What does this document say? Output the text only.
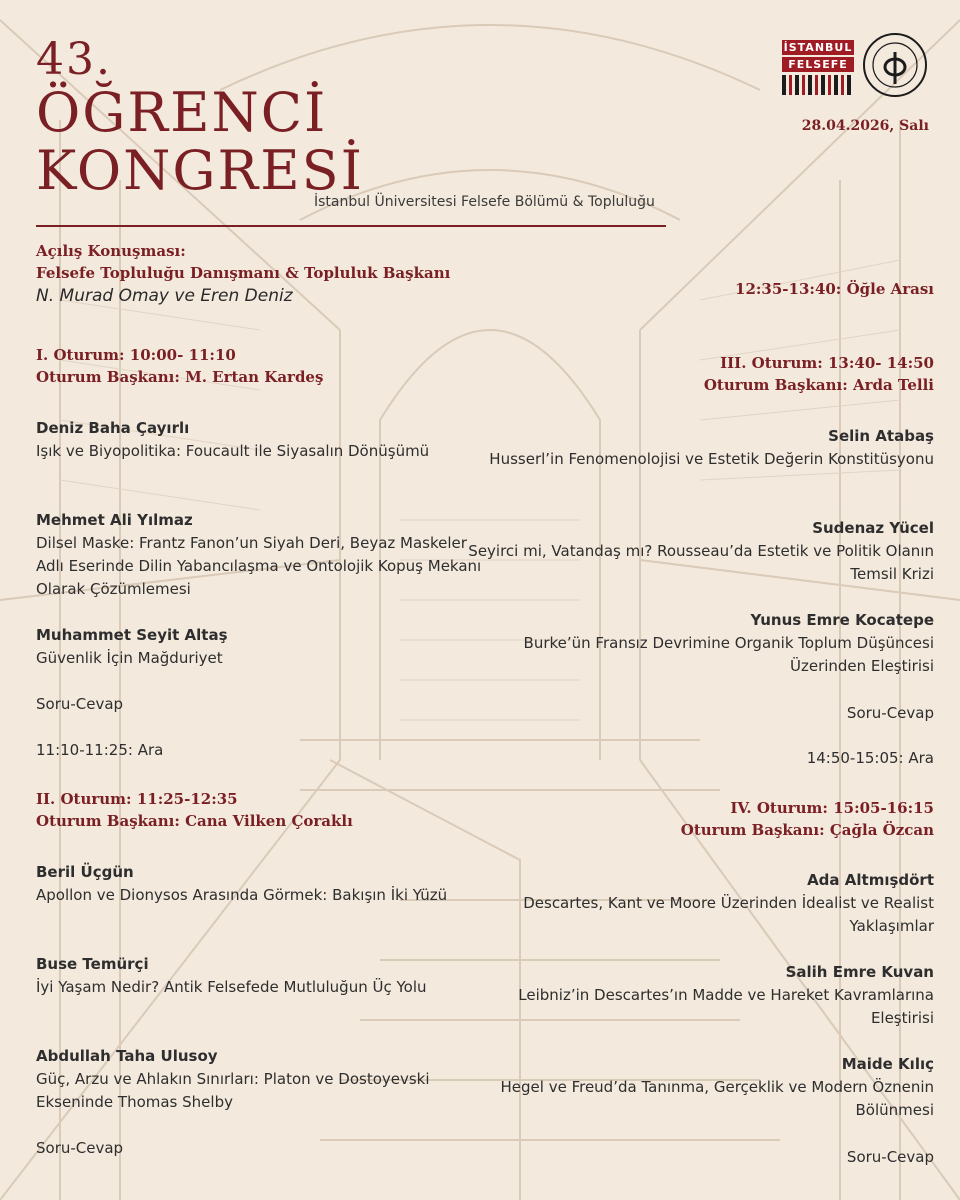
43.
ÖĞRENCİ
KONGRESİ
İstanbul Üniversitesi Felsefe Bölümü & Topluluğu
İSTANBUL
FELSEFE
28.04.2026, Salı
Açılış Konuşması:
Felsefe Topluluğu Danışmanı & Topluluk Başkanı
N. Murad Omay ve Eren Deniz
I. Oturum: 10:00- 11:10
Oturum Başkanı: M. Ertan Kardeş
Deniz Baha Çayırlı
Işık ve Biyopolitika: Foucault ile Siyasalın Dönüşümü
Mehmet Ali Yılmaz
Dilsel Maske: Frantz Fanon’un Siyah Deri, Beyaz Maskeler Adlı Eserinde Dilin Yabancılaşma ve Ontolojik Kopuş Mekanı Olarak Çözümlemesi
Muhammet Seyit Altaş
Güvenlik İçin Mağduriyet
Soru-Cevap
11:10-11:25: Ara
II. Oturum: 11:25-12:35
Oturum Başkanı: Cana Vilken Çoraklı
Beril Üçgün
Apollon ve Dionysos Arasında Görmek: Bakışın İki Yüzü
Buse Temürçi
İyi Yaşam Nedir? Antik Felsefede Mutluluğun Üç Yolu
Abdullah Taha Ulusoy
Güç, Arzu ve Ahlakın Sınırları: Platon ve Dostoyevski Ekseninde Thomas Shelby
Soru-Cevap
12:35-13:40: Öğle Arası
III. Oturum: 13:40- 14:50
Oturum Başkanı: Arda Telli
Selin Atabaş
Husserl’in Fenomenolojisi ve Estetik Değerin Konstitüsyonu
Sudenaz Yücel
Seyirci mi, Vatandaş mı? Rousseau’da Estetik ve Politik Olanın Temsil Krizi
Yunus Emre Kocatepe
Burke’ün Fransız Devrimine Organik Toplum Düşüncesi Üzerinden Eleştirisi
Soru-Cevap
14:50-15:05: Ara
IV. Oturum: 15:05-16:15
Oturum Başkanı: Çağla Özcan
Ada Altmışdört
Descartes, Kant ve Moore Üzerinden İdealist ve Realist Yaklaşımlar
Salih Emre Kuvan
Leibniz’in Descartes’ın Madde ve Hareket Kavramlarına Eleştirisi
Maide Kılıç
Hegel ve Freud’da Tanınma, Gerçeklik ve Modern Öznenin Bölünmesi
Soru-Cevap
